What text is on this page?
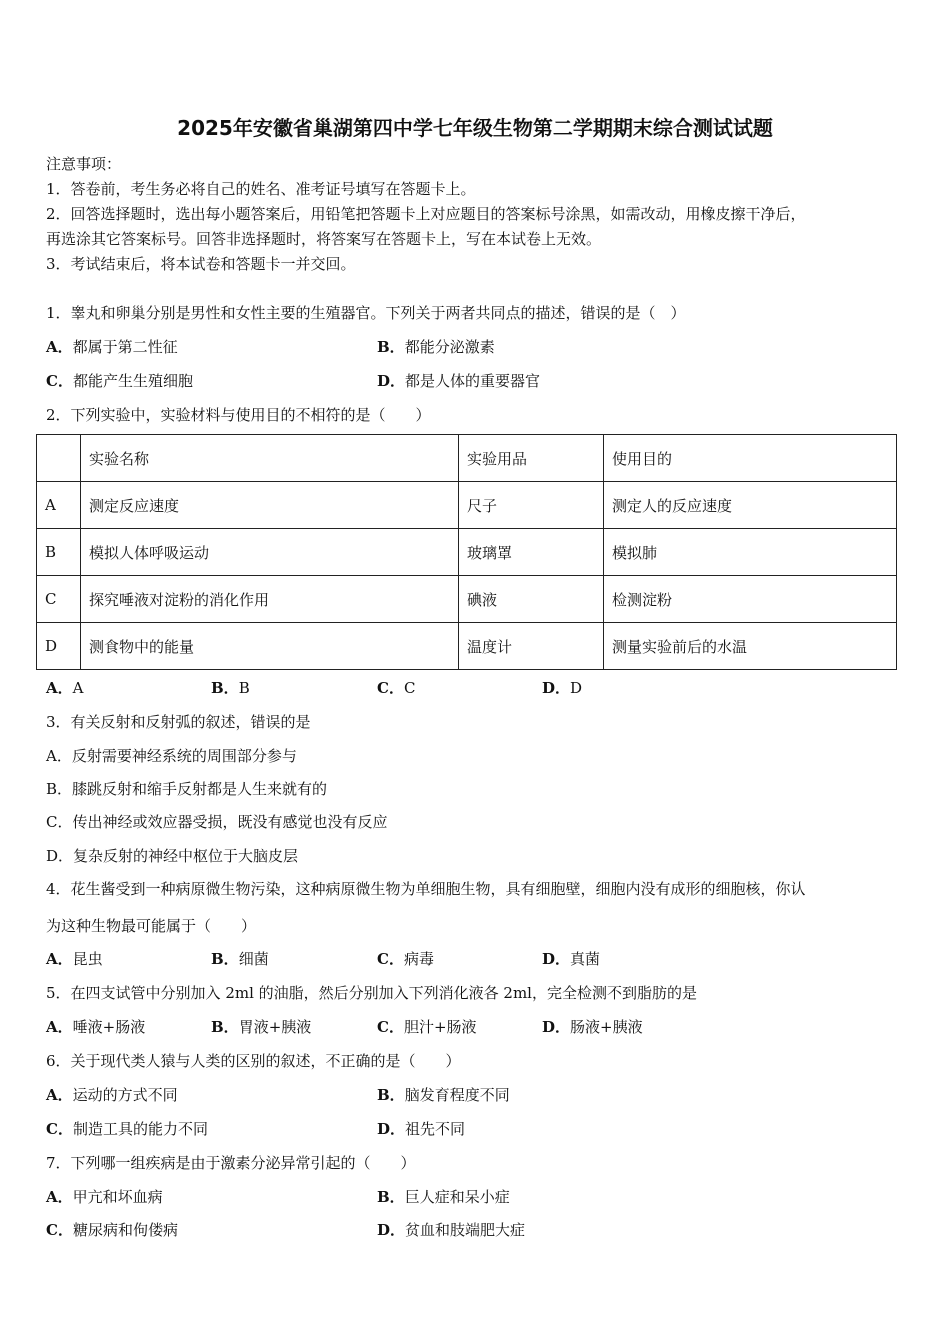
2025年安徽省巢湖第四中学七年级生物第二学期期末综合测试试题
注意事项：
1．答卷前，考生务必将自己的姓名、准考证号填写在答题卡上。
2．回答选择题时，选出每小题答案后，用铅笔把答题卡上对应题目的答案标号涂黑，如需改动，用橡皮擦干净后，
再选涂其它答案标号。回答非选择题时，将答案写在答题卡上，写在本试卷上无效。
3．考试结束后，将本试卷和答题卡一并交回。
1．睾丸和卵巢分别是男性和女性主要的生殖器官。下列关于两者共同点的描述，错误的是（　）
A．都属于第二性征	B．都能分泌激素
C．都能产生生殖细胞	D．都是人体的重要器官
2．下列实验中，实验材料与使用目的不相符的是（　　）
	实验名称	实验用品	使用目的
A	测定反应速度	尺子	测定人的反应速度
B	模拟人体呼吸运动	玻璃罩	模拟肺
C	探究唾液对淀粉的消化作用	碘液	检测淀粉
D	测食物中的能量	温度计	测量实验前后的水温
A．A	B．B	C．C	D．D
3．有关反射和反射弧的叙述，错误的是
A．反射需要神经系统的周围部分参与
B．膝跳反射和缩手反射都是人生来就有的
C．传出神经或效应器受损，既没有感觉也没有反应
D．复杂反射的神经中枢位于大脑皮层
4．花生酱受到一种病原微生物污染，这种病原微生物为单细胞生物，具有细胞壁，细胞内没有成形的细胞核，你认
为这种生物最可能属于（　　）
A．昆虫	B．细菌	C．病毒	D．真菌
5．在四支试管中分别加入 2ml 的油脂，然后分别加入下列消化液各 2ml，完全检测不到脂肪的是
A．唾液+肠液	B．胃液+胰液	C．胆汁+肠液	D．肠液+胰液
6．关于现代类人猿与人类的区别的叙述，不正确的是（　　）
A．运动的方式不同	B．脑发育程度不同
C．制造工具的能力不同	D．祖先不同
7．下列哪一组疾病是由于激素分泌异常引起的（　　）
A．甲亢和坏血病	B．巨人症和呆小症
C．糖尿病和佝偻病	D．贫血和肢端肥大症
